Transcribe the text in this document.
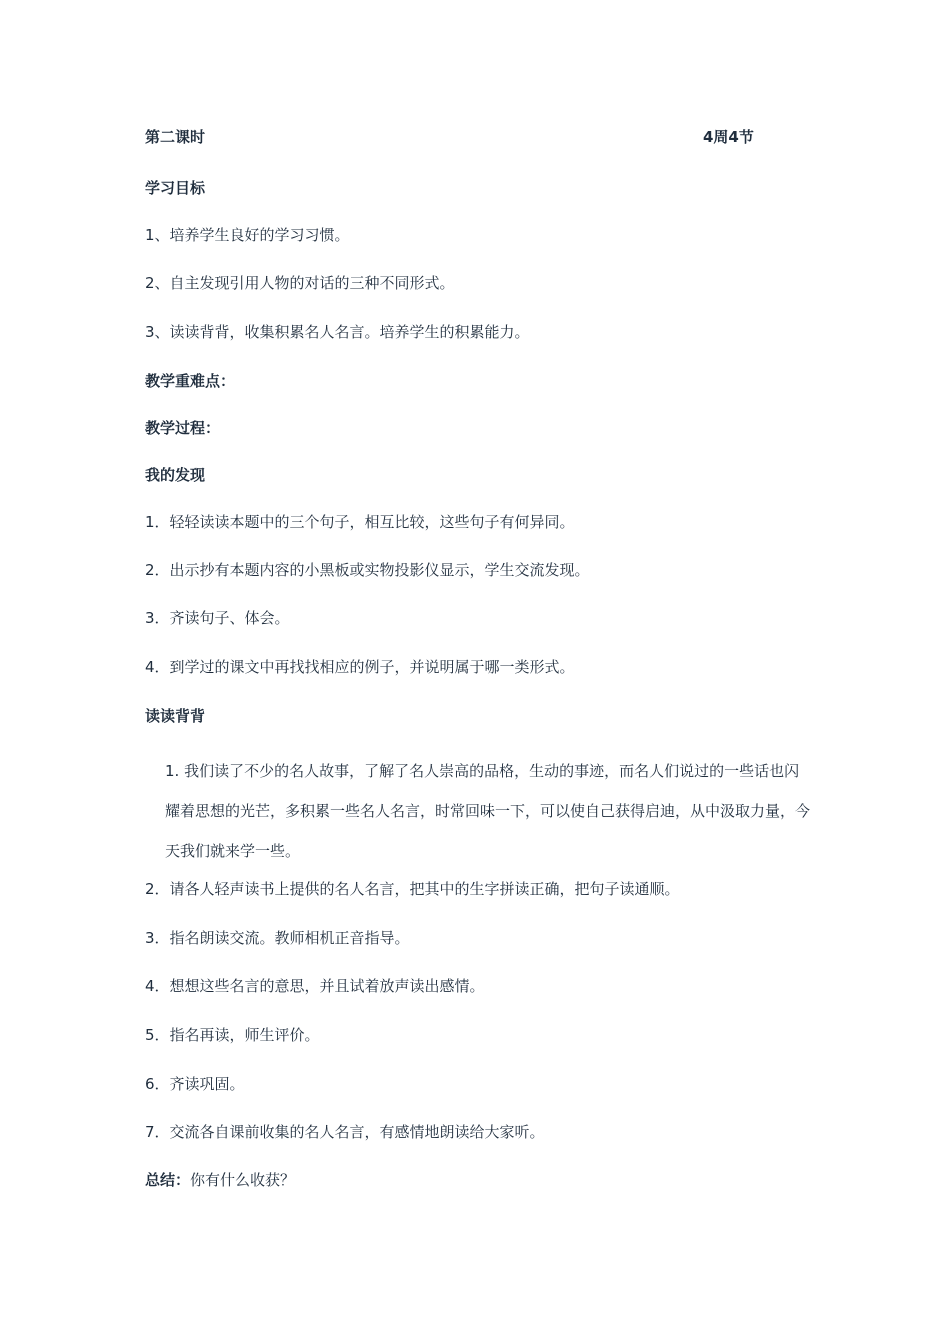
第二课时	4周4节
学习目标
1、培养学生良好的学习习惯。
2、自主发现引用人物的对话的三种不同形式。
3、读读背背，收集积累名人名言。培养学生的积累能力。
教学重难点：
教学过程：
我的发现
1．轻轻读读本题中的三个句子，相互比较，这些句子有何异同。
2．出示抄有本题内容的小黑板或实物投影仪显示，学生交流发现。
3．齐读句子、体会。
4．到学过的课文中再找找相应的例子，并说明属于哪一类形式。
读读背背
1. 我们读了不少的名人故事，了解了名人崇高的品格，生动的事迹，而名人们说过的一些话也闪耀着思想的光芒，多积累一些名人名言，时常回味一下，可以使自己获得启迪，从中汲取力量，今天我们就来学一些。
2．请各人轻声读书上提供的名人名言，把其中的生字拼读正确，把句子读通顺。
3．指名朗读交流。教师相机正音指导。
4．想想这些名言的意思，并且试着放声读出感情。
5．指名再读，师生评价。
6．齐读巩固。
7．交流各自课前收集的名人名言，有感情地朗读给大家听。
总结：你有什么收获？
